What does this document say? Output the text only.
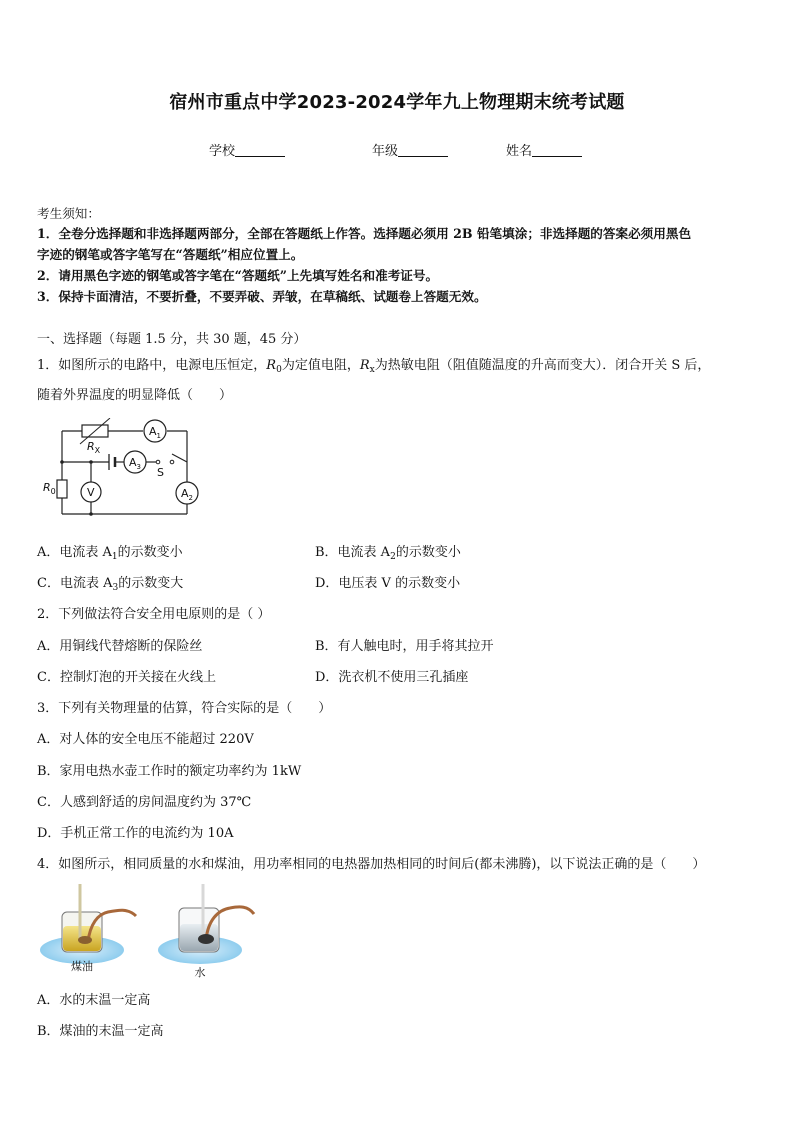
宿州市重点中学2023-2024学年九上物理期末统考试题
学校	年级	姓名
考生须知：
1．全卷分选择题和非选择题两部分，全部在答题纸上作答。选择题必须用 2B 铅笔填涂；非选择题的答案必须用黑色
字迹的钢笔或答字笔写在“答题纸”相应位置上。
2．请用黑色字迹的钢笔或答字笔在“答题纸”上先填写姓名和准考证号。
3．保持卡面清洁，不要折叠，不要弄破、弄皱，在草稿纸、试题卷上答题无效。
一、选择题（每题 1.5 分，共 30 题，45 分）
1．如图所示的电路中，电源电压恒定，$R_0$为定值电阻，$R_x$为热敏电阻（阻值随温度的升高而变大）．闭合开关 S 后，
随着外界温度的明显降低（　　）
$R_X$
$A_1$
$A_3$
$A_2$
V
S
$R_0$
A．电流表 $A_1$的示数变小	B．电流表 $A_2$的示数变小
C．电流表 $A_3$的示数变大	D．电压表 V 的示数变小
2．下列做法符合安全用电原则的是（ ）
A．用铜线代替熔断的保险丝	B．有人触电时，用手将其拉开
C．控制灯泡的开关接在火线上	D．洗衣机不使用三孔插座
3．下列有关物理量的估算，符合实际的是（　　）
A．对人体的安全电压不能超过 220V
B．家用电热水壶工作时的额定功率约为 1kW
C．人感到舒适的房间温度约为 37℃
D．手机正常工作的电流约为 10A
4．如图所示，相同质量的水和煤油，用功率相同的电热器加热相同的时间后(都未沸腾)，以下说法正确的是（　　）
煤油	水
A．水的末温一定高
B．煤油的末温一定高
